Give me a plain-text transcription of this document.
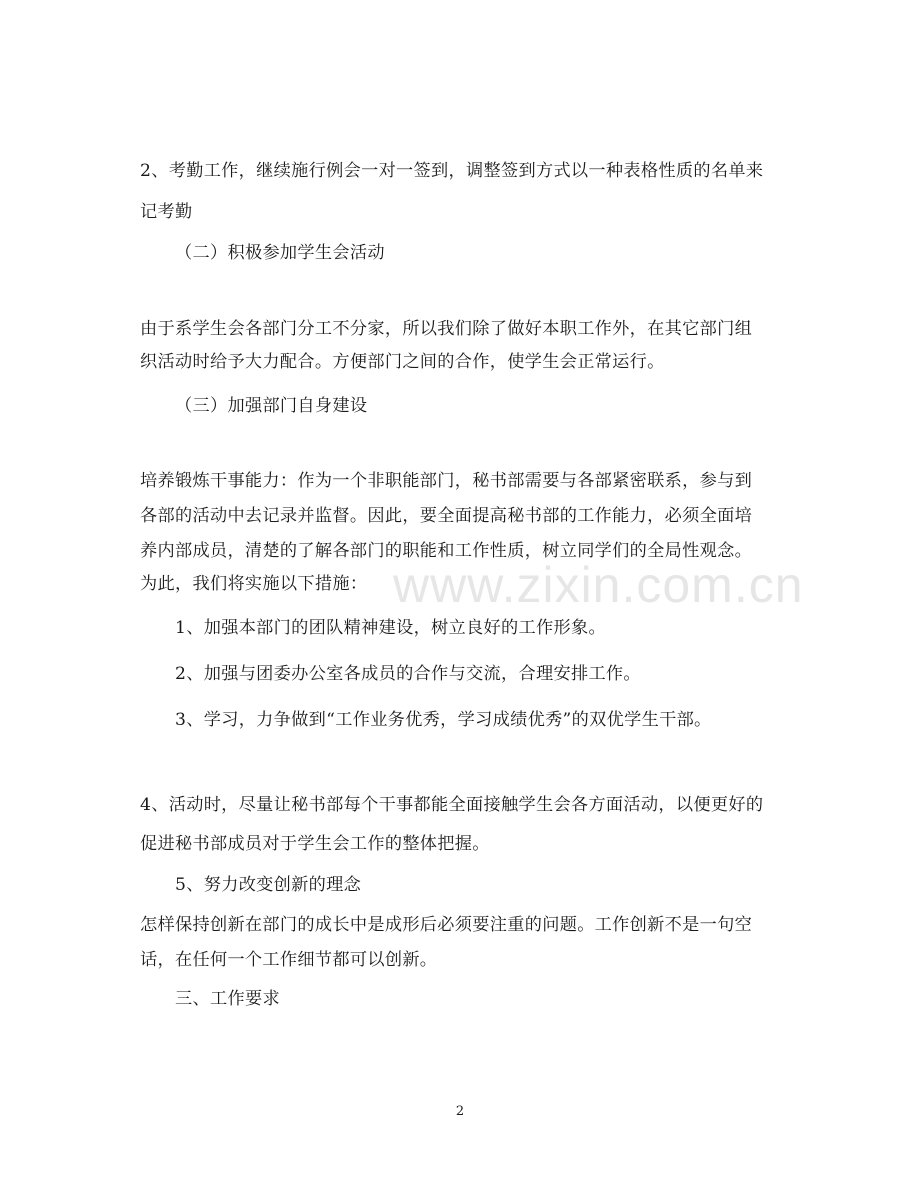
2、考勤工作，继续施行例会一对一签到，调整签到方式以一种表格性质的名单来
记考勤
（二）积极参加学生会活动
由于系学生会各部门分工不分家，所以我们除了做好本职工作外，在其它部门组
织活动时给予大力配合。方便部门之间的合作，使学生会正常运行。
（三）加强部门自身建设
培养锻炼干事能力：作为一个非职能部门，秘书部需要与各部紧密联系，参与到
各部的活动中去记录并监督。因此，要全面提高秘书部的工作能力，必须全面培
养内部成员，清楚的了解各部门的职能和工作性质，树立同学们的全局性观念。
为此，我们将实施以下措施：
1、加强本部门的团队精神建设，树立良好的工作形象。
2、加强与团委办公室各成员的合作与交流，合理安排工作。
3、学习，力争做到“工作业务优秀，学习成绩优秀”的双优学生干部。
4、活动时，尽量让秘书部每个干事都能全面接触学生会各方面活动，以便更好的
促进秘书部成员对于学生会工作的整体把握。
5、努力改变创新的理念
怎样保持创新在部门的成长中是成形后必须要注重的问题。工作创新不是一句空
话，在任何一个工作细节都可以创新。
三、工作要求
www.zixin.com.cn
2
